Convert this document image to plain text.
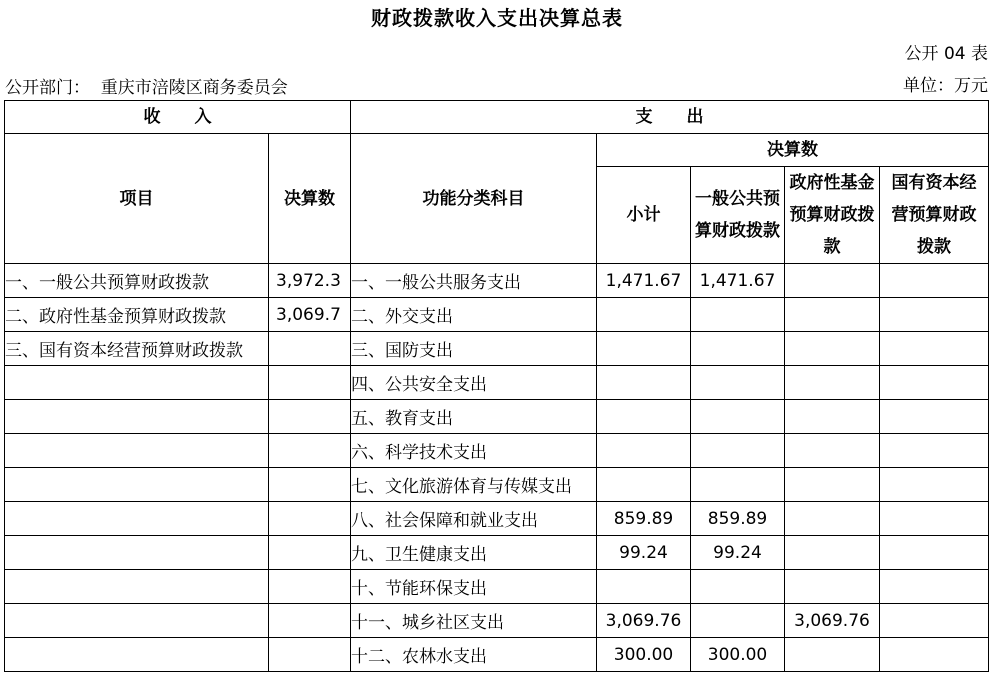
财政拨款收入支出决算总表
公开 04 表
公开部门：  重庆市涪陵区商务委员会	单位：万元
收　　入		支　　出				
项目	决算数	功能分类科目	决算数			

			小计	一般公共预算财政拨款	政府性基金预算财政拨款	国有资本经营预算财政拨款

一、一般公共预算财政拨款	3,972.3	一、一般公共服务支出	1,471.67	1,471.67		
二、政府性基金预算财政拨款	3,069.7	二、外交支出				
三、国有资本经营预算财政拨款		三、国防支出				
		四、公共安全支出				
		五、教育支出				
		六、科学技术支出				
		七、文化旅游体育与传媒支出				
		八、社会保障和就业支出	859.89	859.89		
		九、卫生健康支出	99.24	99.24		
		十、节能环保支出				
		十一、城乡社区支出	3,069.76		3,069.76	
		十二、农林水支出	300.00	300.00		
